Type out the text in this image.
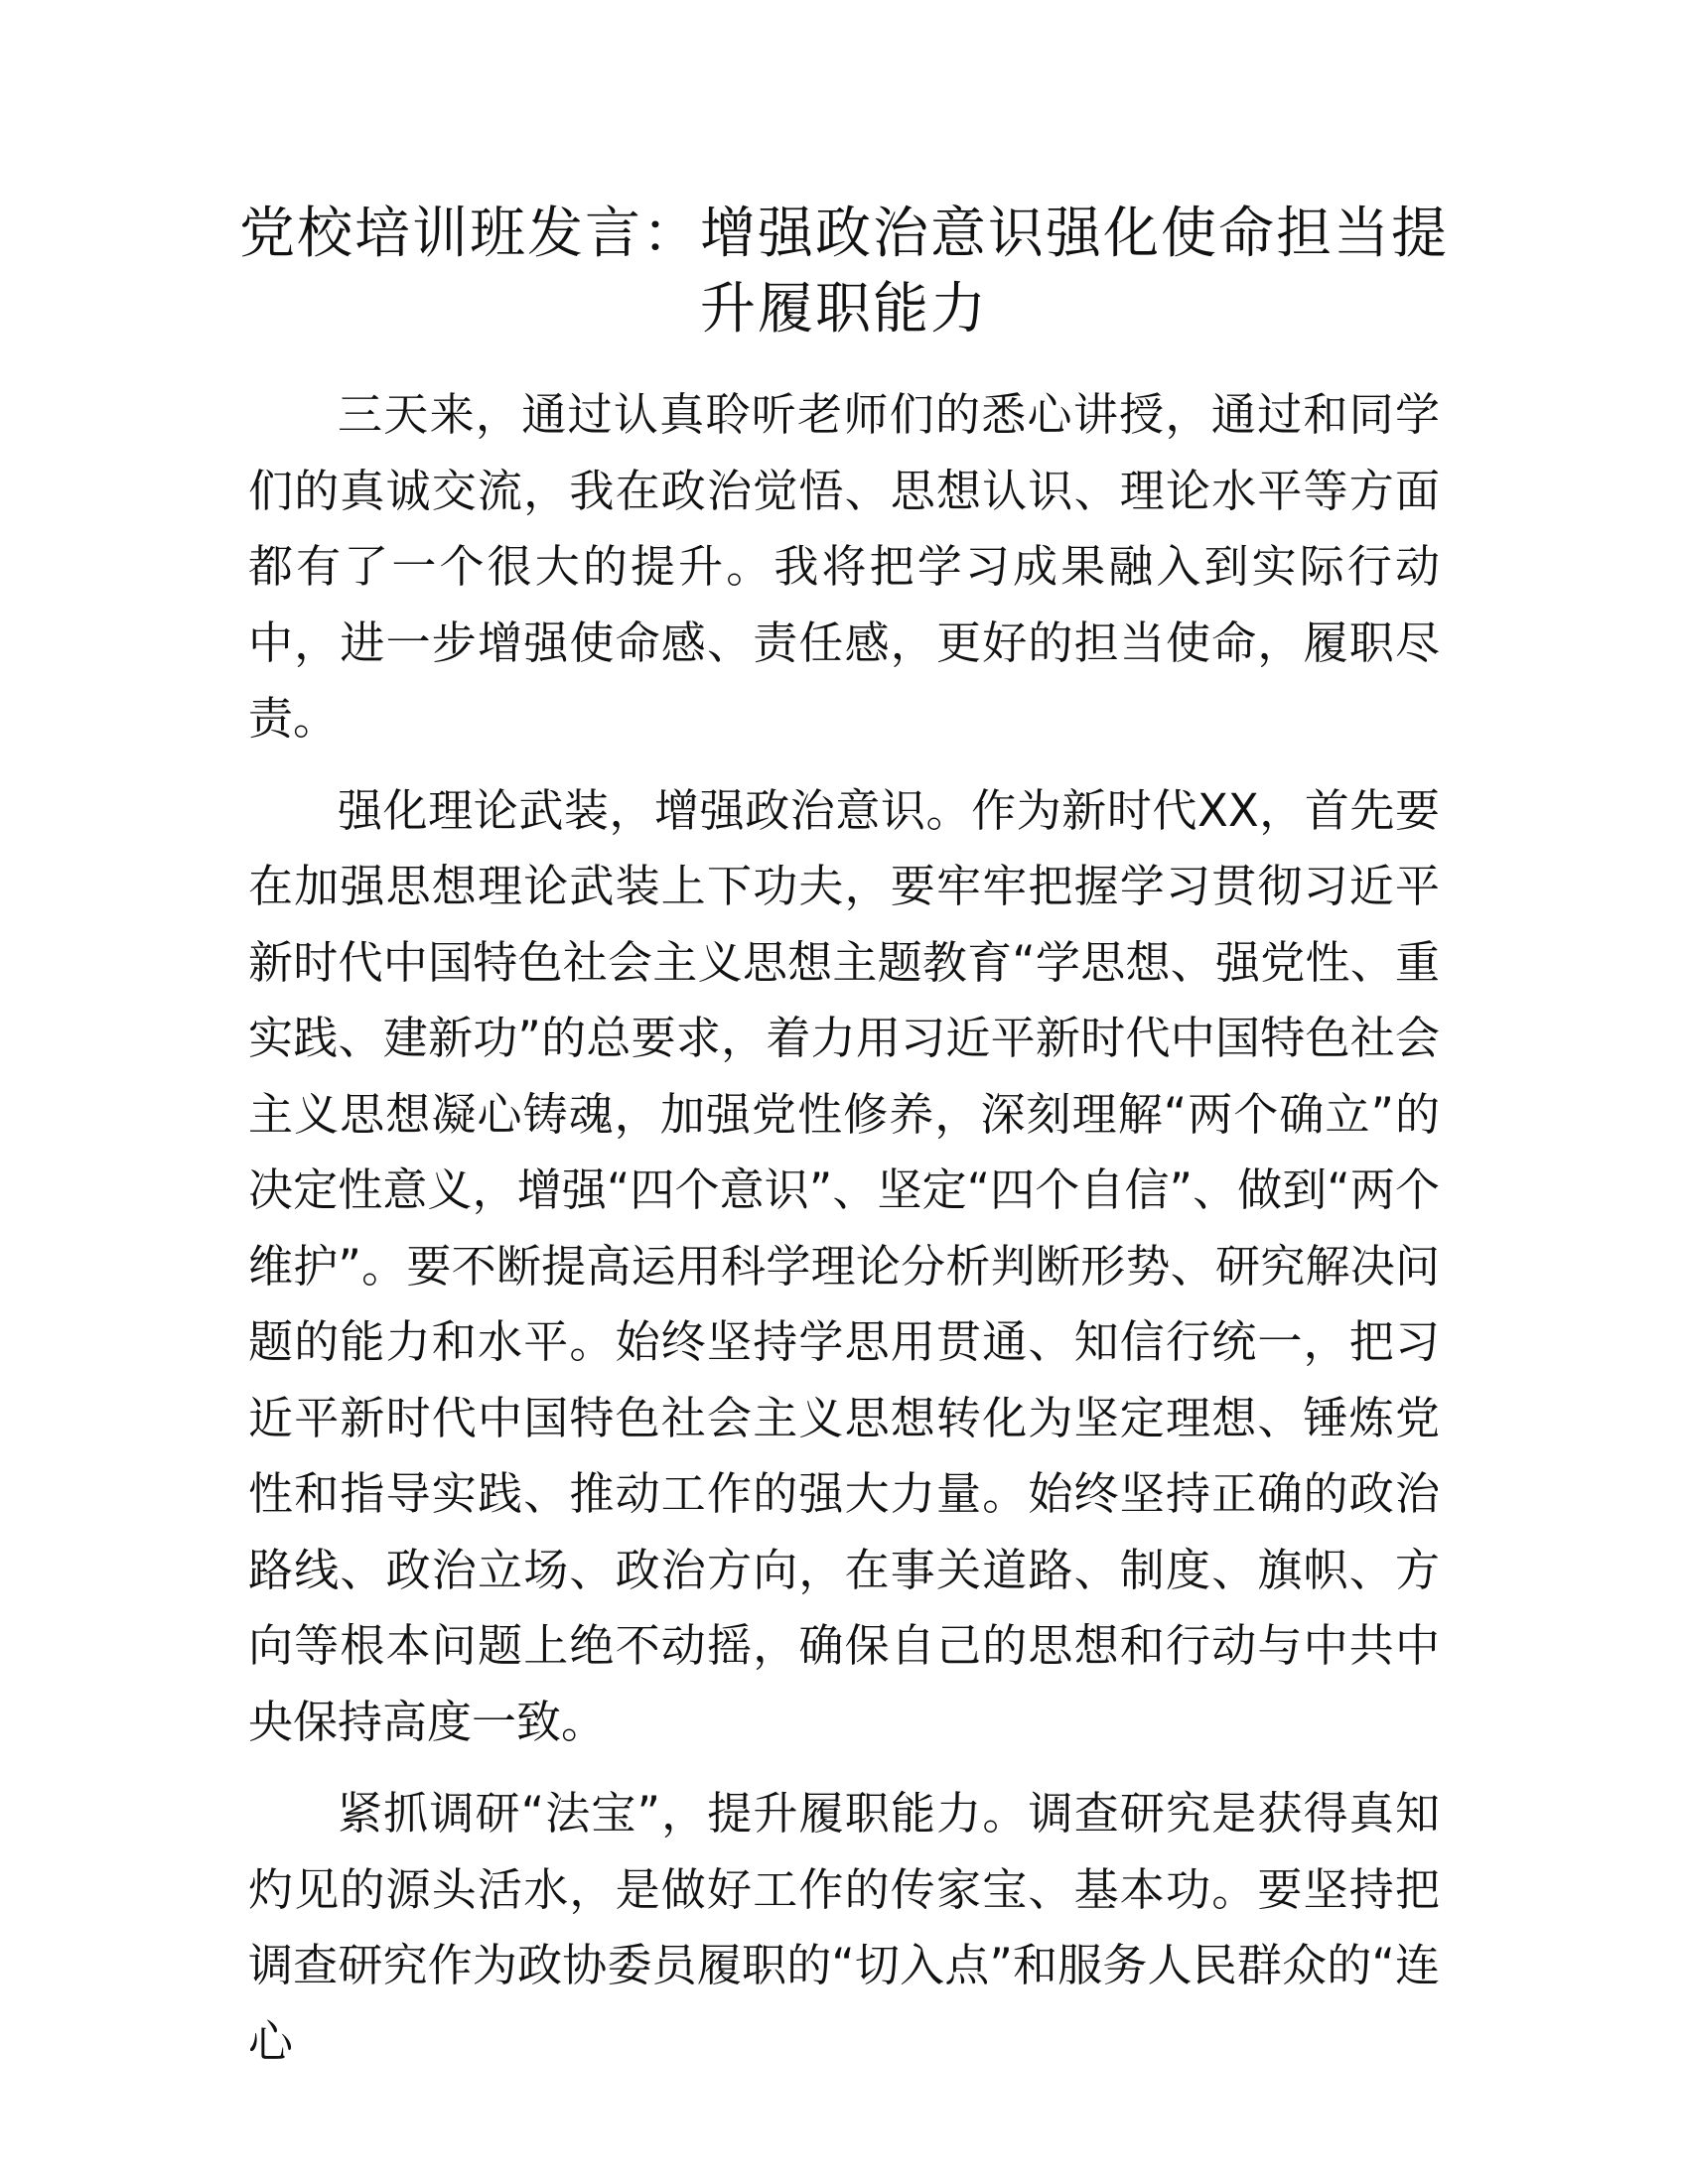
党校培训班发言：增强政治意识强化使命担当提升履职能力

三天来，通过认真聆听老师们的悉心讲授，通过和同学们的真诚交流，我在政治觉悟、思想认识、理论水平等方面都有了一个很大的提升。我将把学习成果融入到实际行动中，进一步增强使命感、责任感，更好的担当使命，履职尽责。

强化理论武装，增强政治意识。作为新时代XX，首先要在加强思想理论武装上下功夫，要牢牢把握学习贯彻习近平新时代中国特色社会主义思想主题教育“学思想、强党性、重实践、建新功”的总要求，着力用习近平新时代中国特色社会主义思想凝心铸魂，加强党性修养，深刻理解“两个确立”的决定性意义，增强“四个意识”、坚定“四个自信”、做到“两个维护”。要不断提高运用科学理论分析判断形势、研究解决问题的能力和水平。始终坚持学思用贯通、知信行统一，把习近平新时代中国特色社会主义思想转化为坚定理想、锤炼党性和指导实践、推动工作的强大力量。始终坚持正确的政治路线、政治立场、政治方向，在事关道路、制度、旗帜、方向等根本问题上绝不动摇，确保自己的思想和行动与中共中央保持高度一致。

紧抓调研“法宝”，提升履职能力。调查研究是获得真知灼见的源头活水，是做好工作的传家宝、基本功。要坚持把调查研究作为政协委员履职的“切入点”和服务人民群众的“连心
